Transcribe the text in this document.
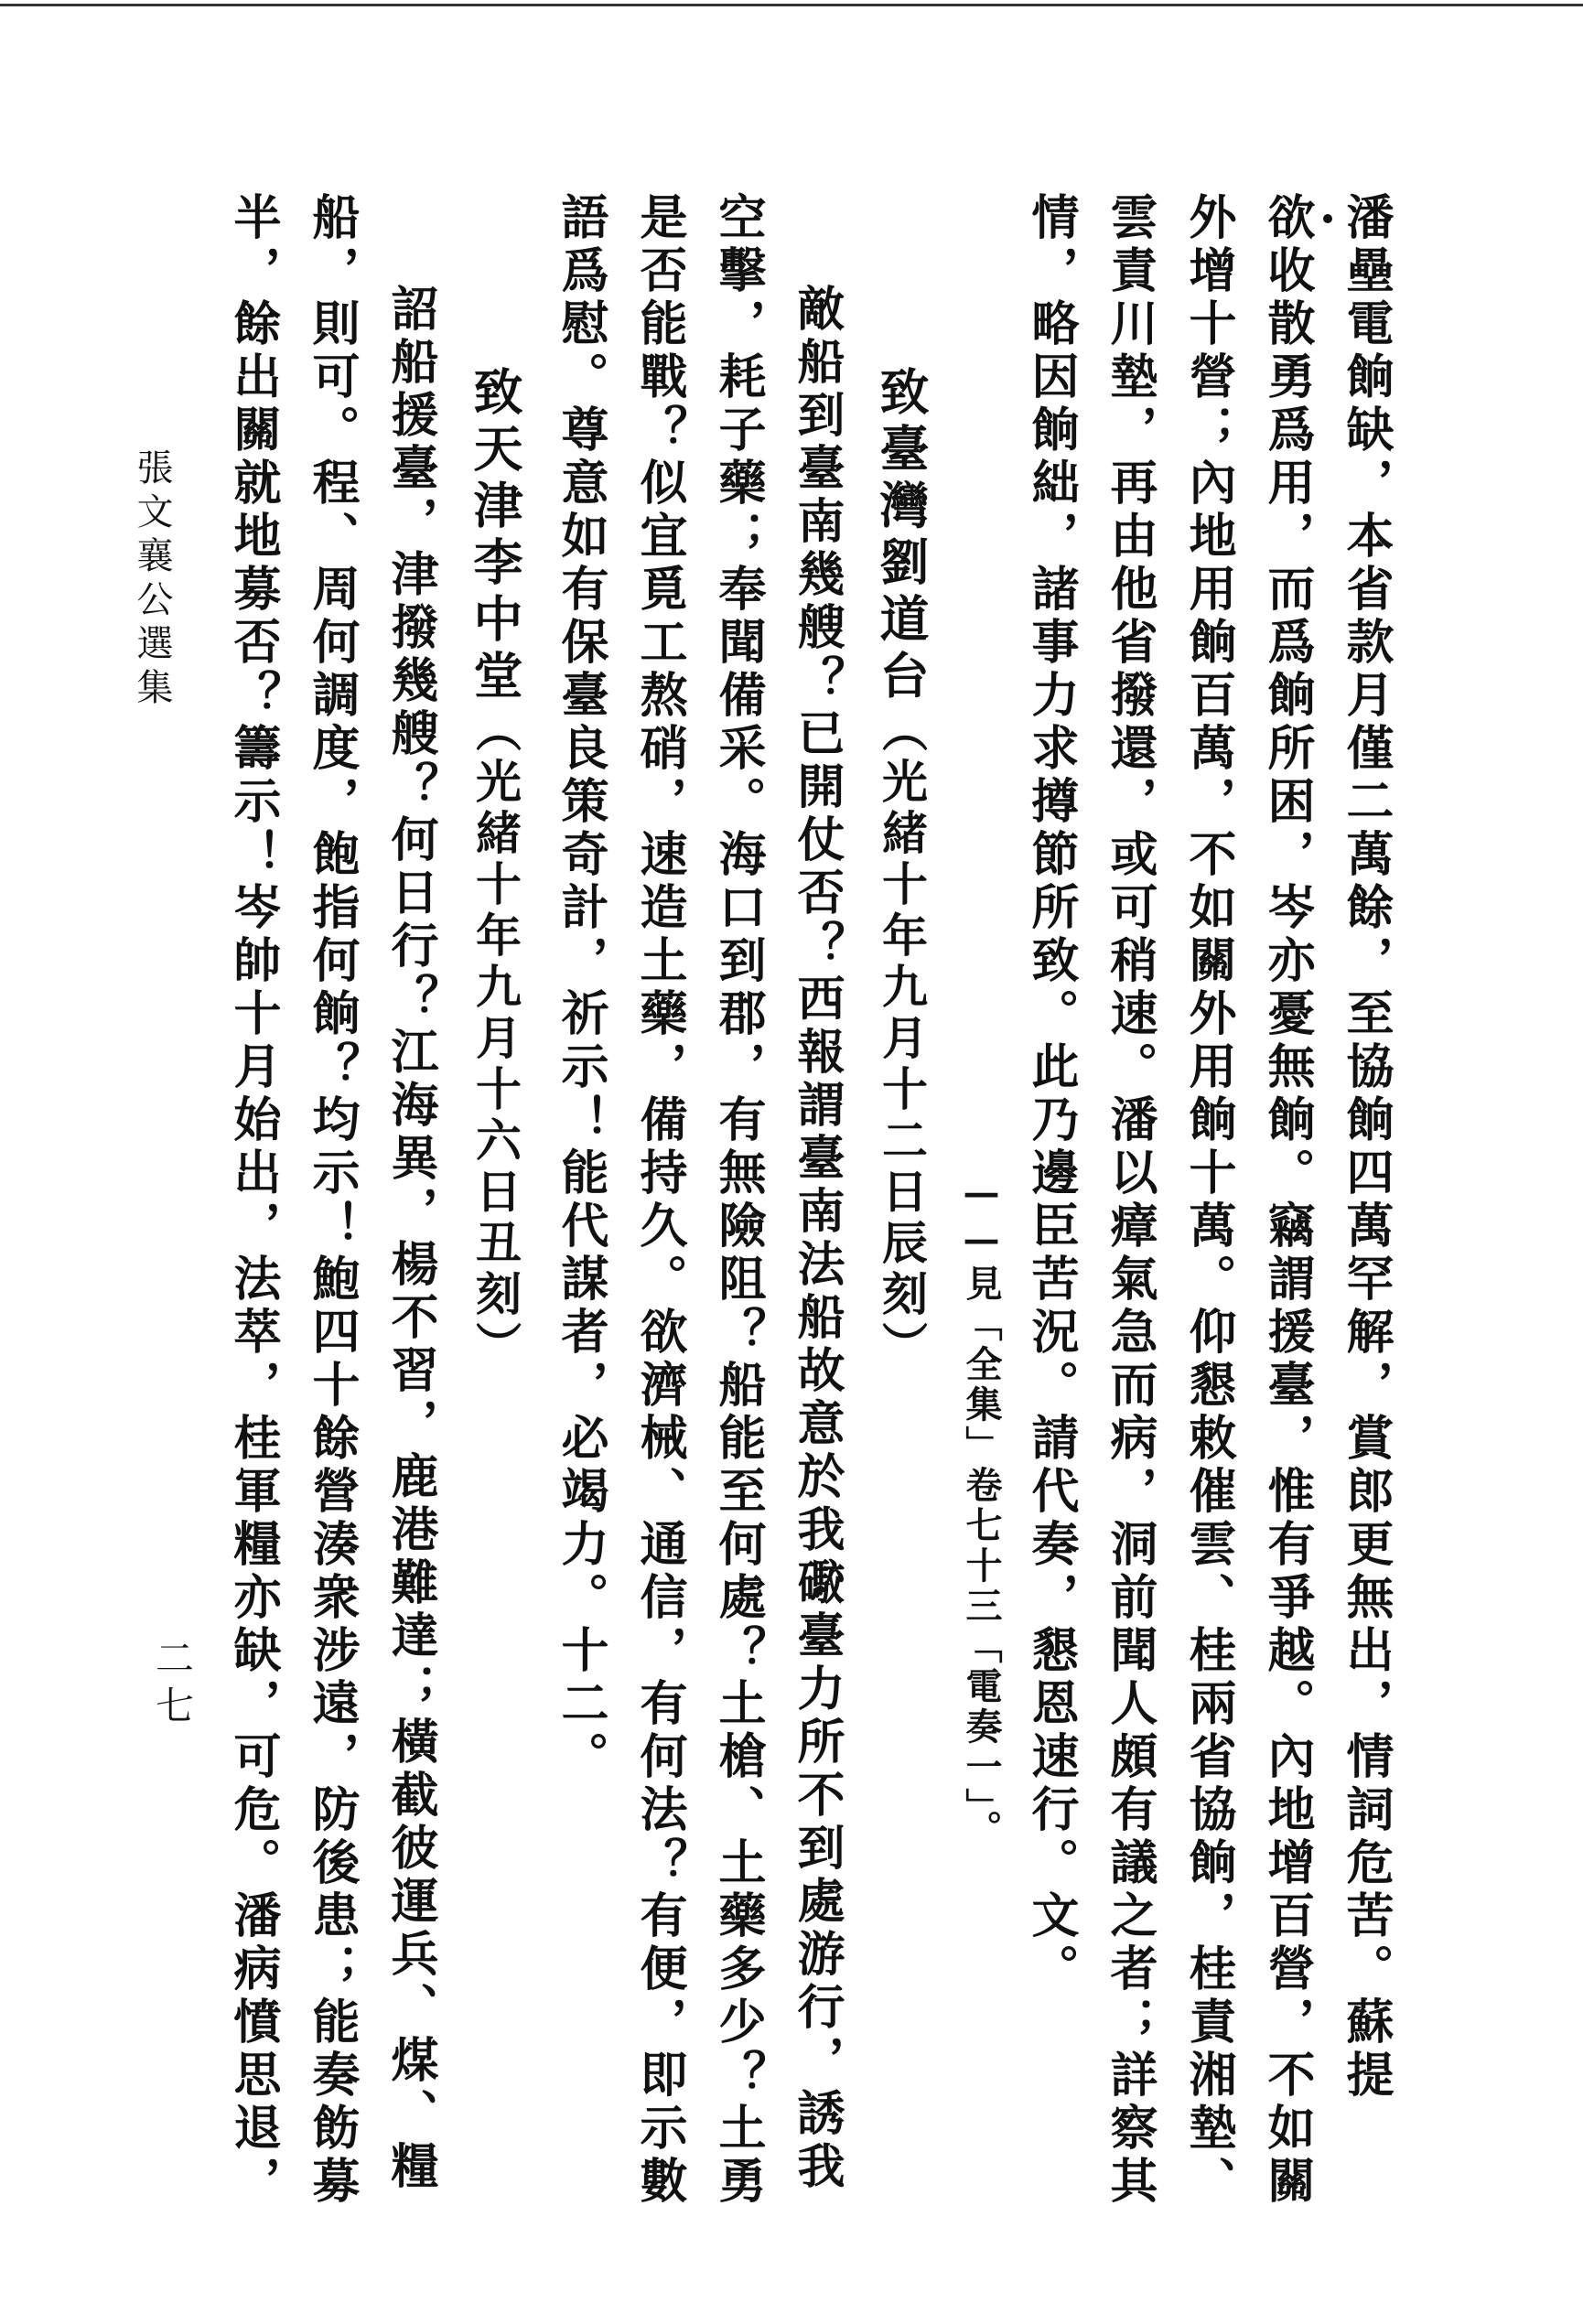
潘壘電餉缺，本省款月僅二萬餘，至協餉四萬罕解，賞郎更無出，情詞危苦。蘇提
欲收散勇爲用，而爲餉所困，岑亦憂無餉。竊謂援臺，惟有爭越。內地增百營，不如關
外增十營；內地用餉百萬，不如關外用餉十萬。仰懇敕催雲、桂兩省協餉，桂責湘墊、
雲責川墊，再由他省撥還，或可稍速。潘以瘴氣急而病，洞前聞人頗有議之者；詳察其
情，略因餉絀，諸事力求撙節所致。此乃邊臣苦況。請代奏，懇恩速行。文。
——見「全集」卷七十三「電奏一」。
致臺灣劉道台（光緒十年九月十二日辰刻）
敵船到臺南幾艘？已開仗否？西報謂臺南法船故意於我礮臺力所不到處游行，誘我
空擊，耗子藥；奉聞備采。海口到郡，有無險阻？船能至何處？土槍、土藥多少？土勇
是否能戰？似宜覓工熬硝，速造土藥，備持久。欲濟械、通信，有何法？有便，即示數
語爲慰。尊意如有保臺良策奇計，祈示！能代謀者，必竭力。十二。
致天津李中堂（光緒十年九月十六日丑刻）
詔船援臺，津撥幾艘？何日行？江海異，楊不習，鹿港難達；橫截彼運兵、煤、糧
船，則可。程、周何調度，飽指何餉？均示！鮑四十餘營湊衆涉遠，防後患；能奏飭募
半，餘出關就地募否？籌示！岑帥十月始出，法萃，桂軍糧亦缺，可危。潘病憤思退，
張文襄公選集
二七
